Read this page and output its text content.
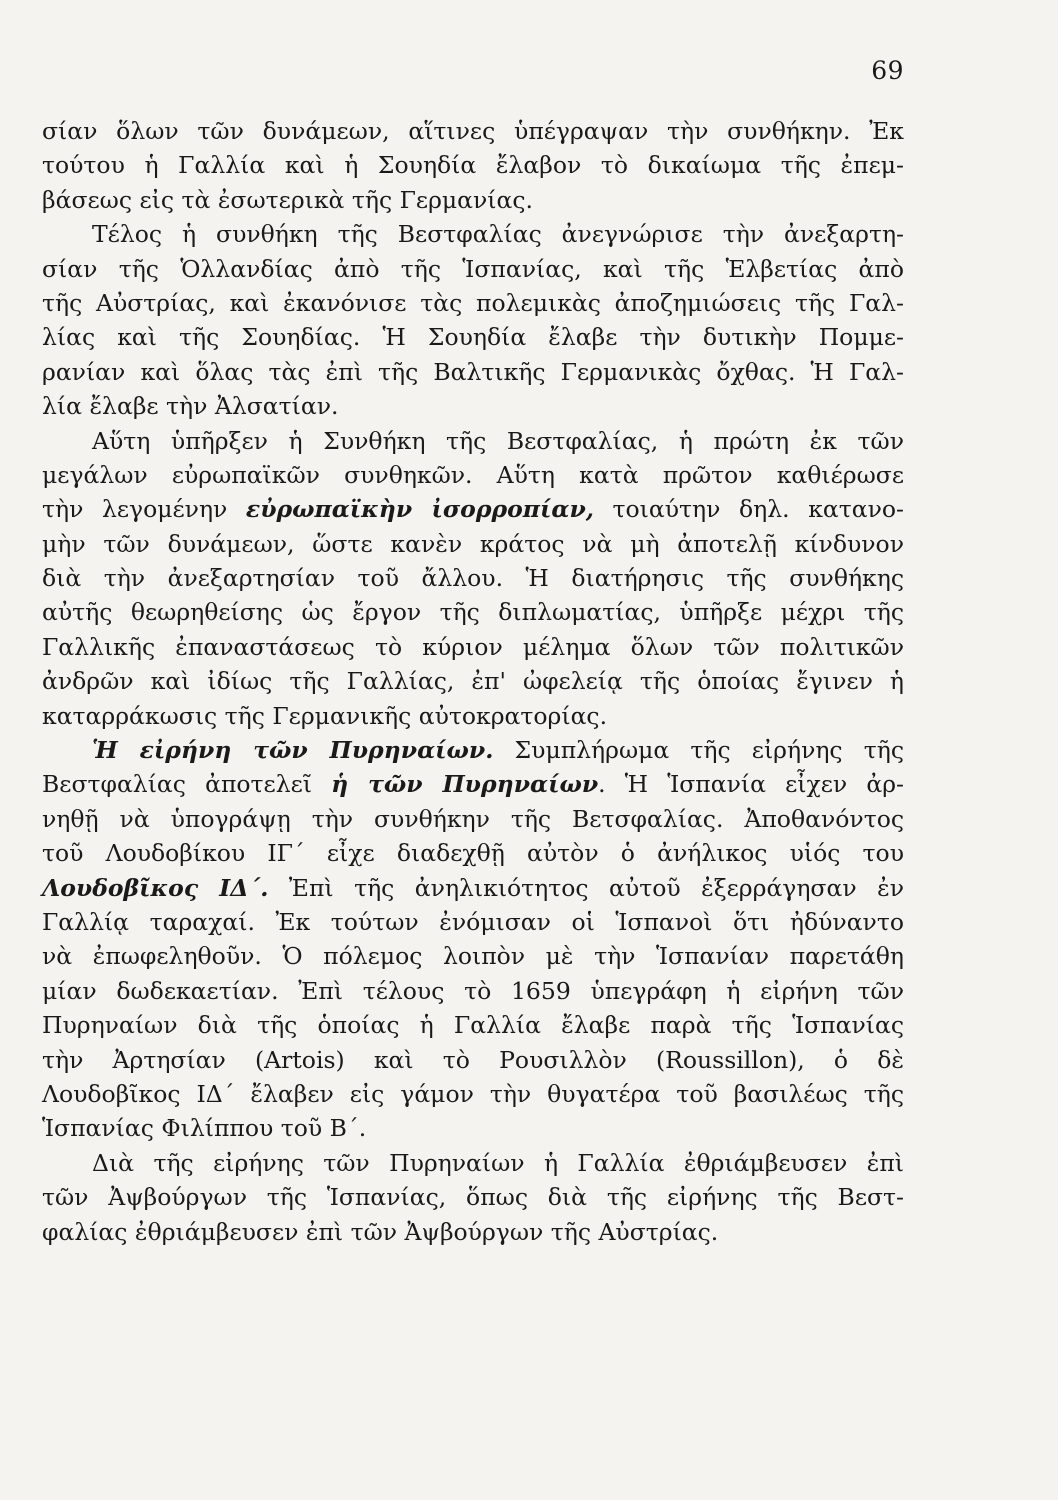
69
σίαν ὅλων τῶν δυνάμεων, αἵτινες ὑπέγραψαν τὴν συνθήκην. Ἐκ
τούτου ἡ Γαλλία καὶ ἡ Σουηδία ἔλαβον τὸ δικαίωμα τῆς ἐπεμ-
βάσεως εἰς τὰ ἐσωτερικὰ τῆς Γερμανίας.
Τέλος ἡ συνθήκη τῆς Βεστφαλίας ἀνεγνώρισε τὴν ἀνεξαρτη-
σίαν τῆς Ὁλλανδίας ἀπὸ τῆς Ἱσπανίας, καὶ τῆς Ἑλβετίας ἀπὸ
τῆς Αὐστρίας, καὶ ἐκανόνισε τὰς πολεμικὰς ἀποζημιώσεις τῆς Γαλ-
λίας καὶ τῆς Σουηδίας. Ἡ Σουηδία ἔλαβε τὴν δυτικὴν Πομμε-
ρανίαν καὶ ὅλας τὰς ἐπὶ τῆς Βαλτικῆς Γερμανικὰς ὄχθας. Ἡ Γαλ-
λία ἔλαβε τὴν Ἀλσατίαν.
Αὕτη ὑπῆρξεν ἡ Συνθήκη τῆς Βεστφαλίας, ἡ πρώτη ἐκ τῶν
μεγάλων εὐρωπαϊκῶν συνθηκῶν. Αὕτη κατὰ πρῶτον καθιέρωσε
τὴν λεγομένην εὐρωπαϊκὴν ἰσορροπίαν, τοιαύτην δηλ. κατανο-
μὴν τῶν δυνάμεων, ὥστε κανὲν κράτος νὰ μὴ ἀποτελῇ κίνδυνον
διὰ τὴν ἀνεξαρτησίαν τοῦ ἄλλου. Ἡ διατήρησις τῆς συνθήκης
αὐτῆς θεωρηθείσης ὡς ἔργον τῆς διπλωματίας, ὑπῆρξε μέχρι τῆς
Γαλλικῆς ἐπαναστάσεως τὸ κύριον μέλημα ὅλων τῶν πολιτικῶν
ἀνδρῶν καὶ ἰδίως τῆς Γαλλίας, ἐπ' ὠφελείᾳ τῆς ὁποίας ἔγινεν ἡ
καταρράκωσις τῆς Γερμανικῆς αὐτοκρατορίας.
Ἡ εἰρήνη τῶν Πυρηναίων. Συμπλήρωμα τῆς εἰρήνης τῆς
Βεστφαλίας ἀποτελεῖ ἡ τῶν Πυρηναίων. Ἡ Ἱσπανία εἶχεν ἀρ-
νηθῇ νὰ ὑπογράψῃ τὴν συνθήκην τῆς Βετσφαλίας. Ἀποθανόντος
τοῦ Λουδοβίκου ΙΓ΄ εἶχε διαδεχθῇ αὐτὸν ὁ ἀνήλικος υἱός του
Λουδοβῖκος ΙΔ΄. Ἐπὶ τῆς ἀνηλικιότητος αὐτοῦ ἐξερράγησαν ἐν
Γαλλίᾳ ταραχαί. Ἐκ τούτων ἐνόμισαν οἱ Ἱσπανοὶ ὅτι ἠδύναντο
νὰ ἐπωφεληθοῦν. Ὁ πόλεμος λοιπὸν μὲ τὴν Ἱσπανίαν παρετάθη
μίαν δωδεκαετίαν. Ἐπὶ τέλους τὸ 1659 ὑπεγράφη ἡ εἰρήνη τῶν
Πυρηναίων διὰ τῆς ὁποίας ἡ Γαλλία ἔλαβε παρὰ τῆς Ἱσπανίας
τὴν Ἀρτησίαν (Artois) καὶ τὸ Ρουσιλλὸν (Roussillon), ὁ δὲ
Λουδοβῖκος ΙΔ΄ ἔλαβεν εἰς γάμον τὴν θυγατέρα τοῦ βασιλέως τῆς
Ἱσπανίας Φιλίππου τοῦ Β΄.
Διὰ τῆς εἰρήνης τῶν Πυρηναίων ἡ Γαλλία ἐθριάμβευσεν ἐπὶ
τῶν Ἀψβούργων τῆς Ἱσπανίας, ὅπως διὰ τῆς εἰρήνης τῆς Βεστ-
φαλίας ἐθριάμβευσεν ἐπὶ τῶν Ἀψβούργων τῆς Αὐστρίας.
